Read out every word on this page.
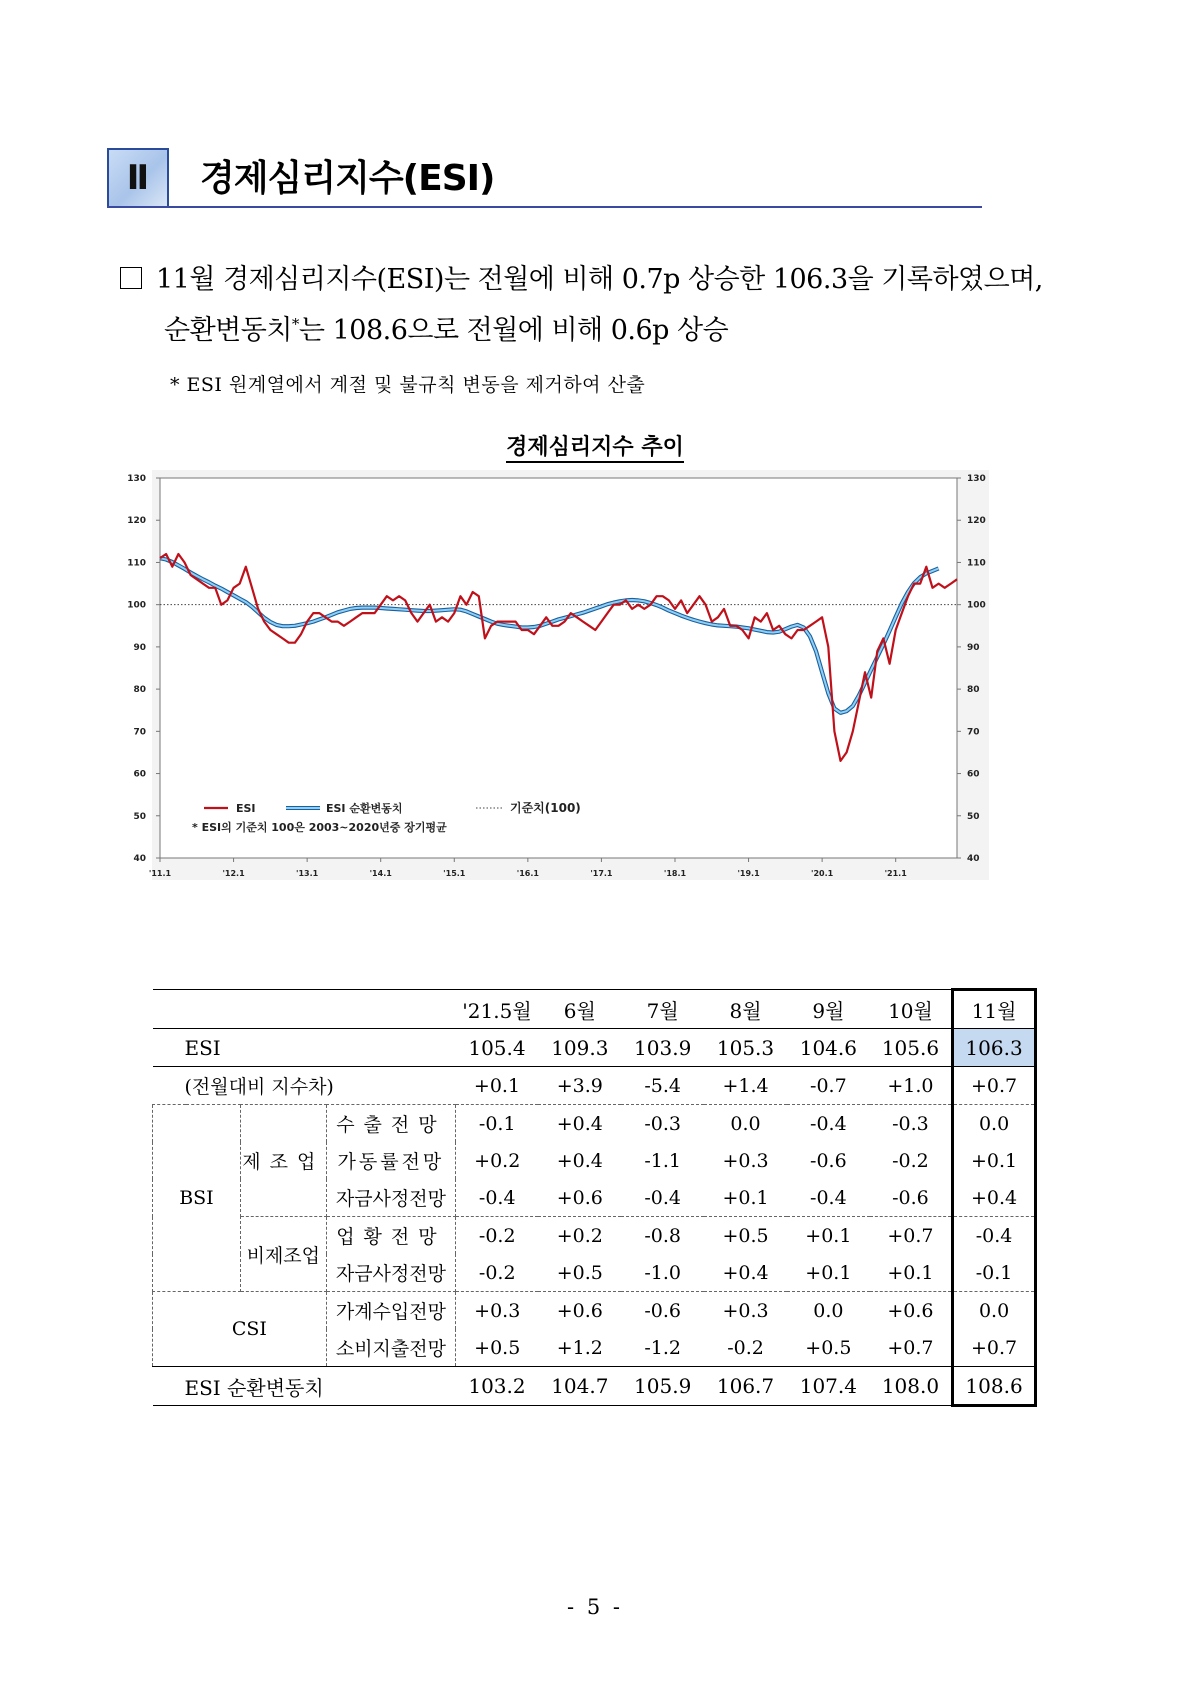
Ⅱ 경제심리지수(ESI)
11월 경제심리지수(ESI)는 전월에 비해 0.7p 상승한 106.3을 기록하였으며,
순환변동치*는 108.6으로 전월에 비해 0.6p 상승
* ESI 원계열에서 계절 및 불규칙 변동을 제거하여 산출
경제심리지수 추이
130	130
120	120
110	110
100	100
90	90
80	80
70	70
60	60
50	50
40	40
'11.1	'12.1	'13.1	'14.1	'15.1	'16.1	'17.1	'18.1	'19.1	'20.1	'21.1
ESI	ESI 순환변동치	기준치(100)
* ESI의 기준치 100은 2003~2020년중 장기평균
			'21.5월	6월	7월	8월	9월	10월	11월
ESI			105.4	109.3	103.9	105.3	104.6	105.6	106.3
(전월대비 지수차)			+0.1	+3.9	-5.4	+1.4	-0.7	+1.0	+0.7
BSI	제조업	수출전망	-0.1	+0.4	-0.3	0.0	-0.4	-0.3	0.0
		가동률전망	+0.2	+0.4	-1.1	+0.3	-0.6	-0.2	+0.1
		자금사정전망	-0.4	+0.6	-0.4	+0.1	-0.4	-0.6	+0.4
	비제조업	업황전망	-0.2	+0.2	-0.8	+0.5	+0.1	+0.7	-0.4
		자금사정전망	-0.2	+0.5	-1.0	+0.4	+0.1	+0.1	-0.1
CSI		가계수입전망	+0.3	+0.6	-0.6	+0.3	0.0	+0.6	0.0
		소비지출전망	+0.5	+1.2	-1.2	-0.2	+0.5	+0.7	+0.7
ESI 순환변동치			103.2	104.7	105.9	106.7	107.4	108.0	108.6
- 5 -
